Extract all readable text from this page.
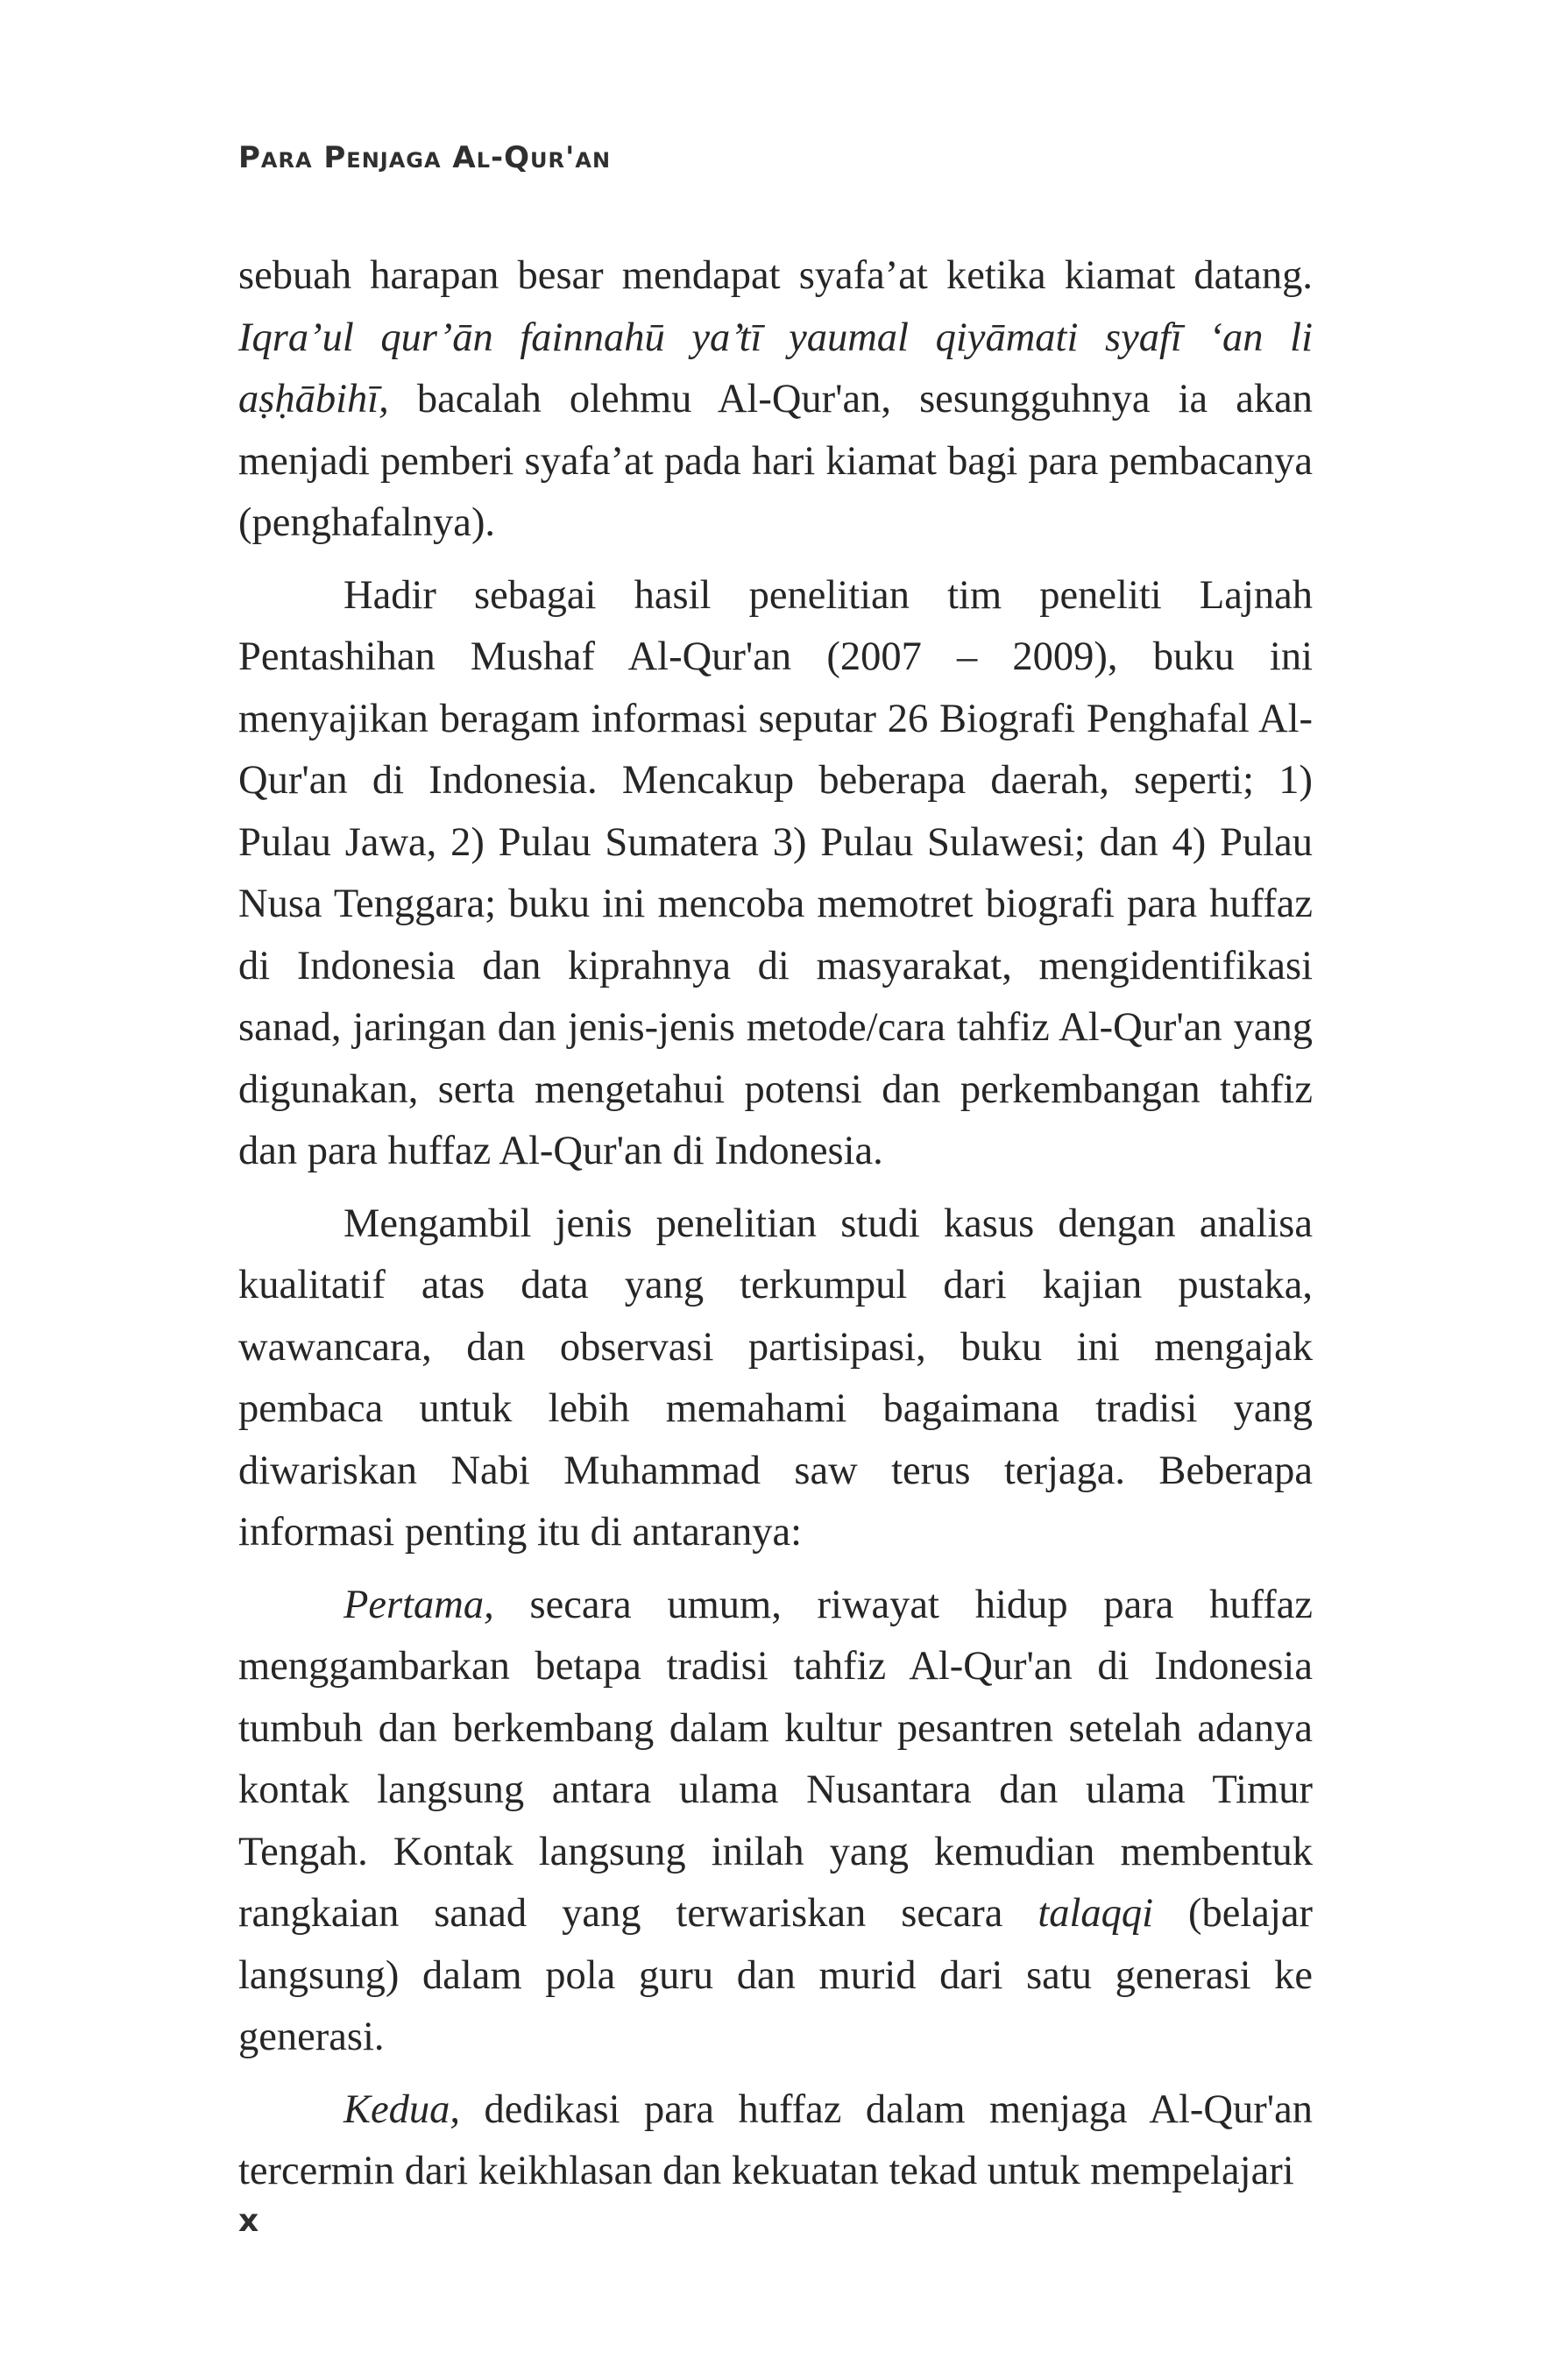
Para Penjaga Al-Qur'an

sebuah harapan besar mendapat syafa’at ketika kiamat datang. Iqra’ul qur’ān fainnahū ya’tī yaumal qiyāmati syafī ‘an li aṣḥābihī, bacalah olehmu Al-Qur'an, sesungguhnya ia akan menjadi pemberi syafa’at pada hari kiamat bagi para pembacanya (penghafalnya).

Hadir sebagai hasil penelitian tim peneliti Lajnah Pentashihan Mushaf Al-Qur'an (2007 – 2009), buku ini menyajikan beragam informasi seputar 26 Biografi Penghafal Al-Qur'an di Indonesia. Mencakup beberapa daerah, seperti; 1) Pulau Jawa, 2) Pulau Sumatera 3) Pulau Sulawesi; dan 4) Pulau Nusa Tenggara; buku ini mencoba memotret biografi para huffaz di Indonesia dan kiprahnya di masyarakat, mengidentifikasi sanad, jaringan dan jenis-jenis metode/cara tahfiz Al-Qur'an yang digunakan, serta mengetahui potensi dan perkembangan tahfiz dan para huffaz Al-Qur'an di Indonesia.

Mengambil jenis penelitian studi kasus dengan analisa kualitatif atas data yang terkumpul dari kajian pustaka, wawancara, dan observasi partisipasi, buku ini mengajak pembaca untuk lebih memahami bagaimana tradisi yang diwariskan Nabi Muhammad saw terus terjaga. Beberapa informasi penting itu di antaranya:

Pertama, secara umum, riwayat hidup para huffaz menggambarkan betapa tradisi tahfiz Al-Qur'an di Indonesia tumbuh dan berkembang dalam kultur pesantren setelah adanya kontak langsung antara ulama Nusantara dan ulama Timur Tengah. Kontak langsung inilah yang kemudian membentuk rangkaian sanad yang terwariskan secara talaqqi (belajar langsung) dalam pola guru dan murid dari satu generasi ke generasi.

Kedua, dedikasi para huffaz dalam menjaga Al-Qur'an tercermin dari keikhlasan dan kekuatan tekad untuk mempelajari

x
